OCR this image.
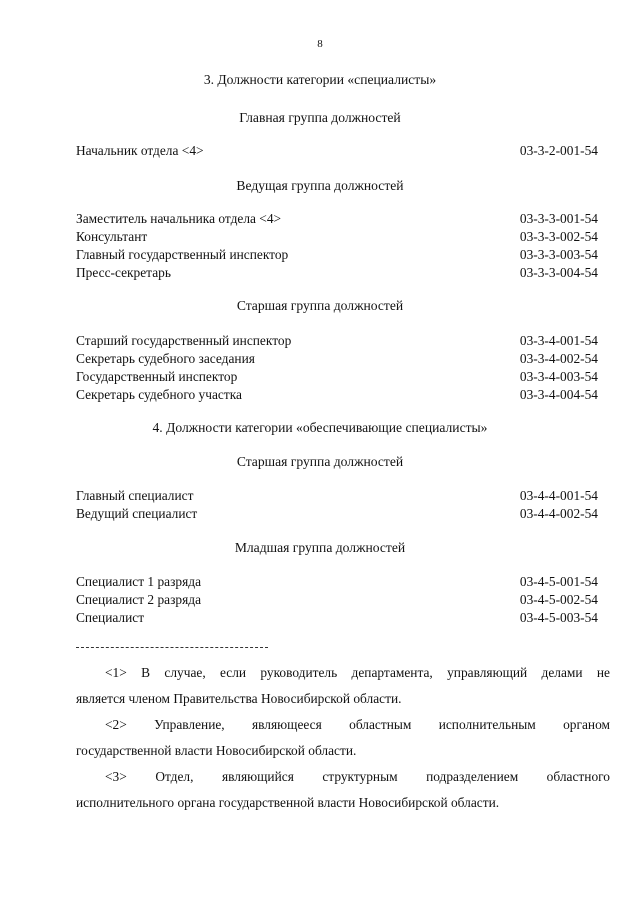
8
3. Должности категории «специалисты»
Главная группа должностей
Начальник отдела <4>	03-3-2-001-54
Ведущая группа должностей
Заместитель начальника отдела <4>	03-3-3-001-54
Консультант	03-3-3-002-54
Главный государственный инспектор	03-3-3-003-54
Пресс-секретарь	03-3-3-004-54
Старшая группа должностей
Старший государственный инспектор	03-3-4-001-54
Секретарь судебного заседания	03-3-4-002-54
Государственный инспектор	03-3-4-003-54
Секретарь судебного участка	03-3-4-004-54
4. Должности категории «обеспечивающие специалисты»
Старшая группа должностей
Главный специалист	03-4-4-001-54
Ведущий специалист	03-4-4-002-54
Младшая группа должностей
Специалист 1 разряда	03-4-5-001-54
Специалист 2 разряда	03-4-5-002-54
Специалист	03-4-5-003-54
<1> В случае, если руководитель департамента, управляющий делами не
является членом Правительства Новосибирской области.
<2> Управление, являющееся областным исполнительным органом
государственной власти Новосибирской области.
<3> Отдел, являющийся структурным подразделением областного
исполнительного органа государственной власти Новосибирской области.
